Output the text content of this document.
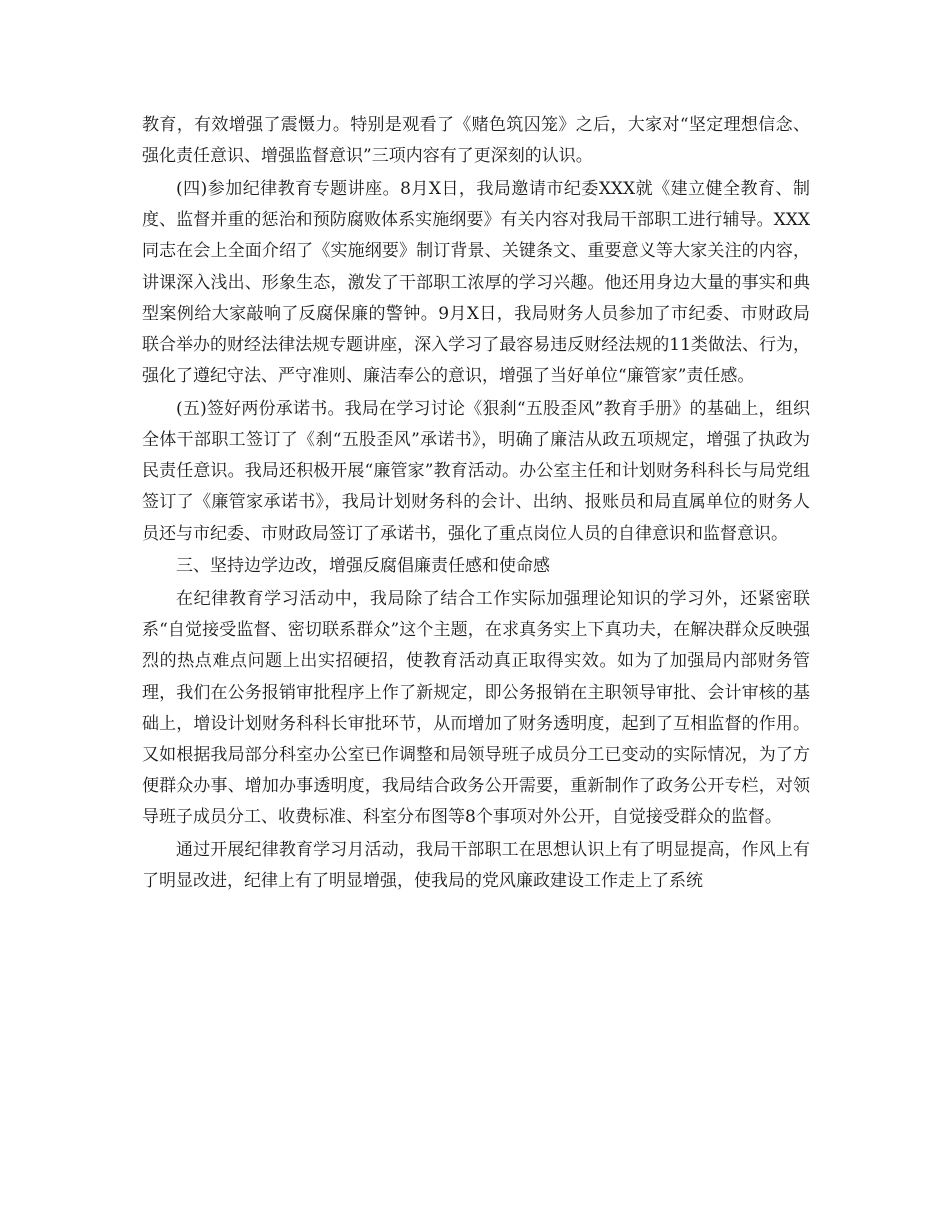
教育，有效增强了震慑力。特别是观看了《赌色筑囚笼》之后，大家对“坚定理想信念、强化责任意识、增强监督意识”三项内容有了更深刻的认识。

(四)参加纪律教育专题讲座。8月X日，我局邀请市纪委XXX就《建立健全教育、制度、监督并重的惩治和预防腐败体系实施纲要》有关内容对我局干部职工进行辅导。XXX同志在会上全面介绍了《实施纲要》制订背景、关键条文、重要意义等大家关注的内容，讲课深入浅出、形象生态，激发了干部职工浓厚的学习兴趣。他还用身边大量的事实和典型案例给大家敲响了反腐保廉的警钟。9月X日，我局财务人员参加了市纪委、市财政局联合举办的财经法律法规专题讲座，深入学习了最容易违反财经法规的11类做法、行为，强化了遵纪守法、严守准则、廉洁奉公的意识，增强了当好单位“廉管家”责任感。

(五)签好两份承诺书。我局在学习讨论《狠刹“五股歪风”教育手册》的基础上，组织全体干部职工签订了《刹“五股歪风”承诺书》，明确了廉洁从政五项规定，增强了执政为民责任意识。我局还积极开展“廉管家”教育活动。办公室主任和计划财务科科长与局党组签订了《廉管家承诺书》，我局计划财务科的会计、出纳、报账员和局直属单位的财务人员还与市纪委、市财政局签订了承诺书，强化了重点岗位人员的自律意识和监督意识。

三、坚持边学边改，增强反腐倡廉责任感和使命感

在纪律教育学习活动中，我局除了结合工作实际加强理论知识的学习外，还紧密联系“自觉接受监督、密切联系群众”这个主题，在求真务实上下真功夫，在解决群众反映强烈的热点难点问题上出实招硬招，使教育活动真正取得实效。如为了加强局内部财务管理，我们在公务报销审批程序上作了新规定，即公务报销在主职领导审批、会计审核的基础上，增设计划财务科科长审批环节，从而增加了财务透明度，起到了互相监督的作用。又如根据我局部分科室办公室已作调整和局领导班子成员分工已变动的实际情况，为了方便群众办事、增加办事透明度，我局结合政务公开需要，重新制作了政务公开专栏，对领导班子成员分工、收费标准、科室分布图等8个事项对外公开，自觉接受群众的监督。

通过开展纪律教育学习月活动，我局干部职工在思想认识上有了明显提高，作风上有了明显改进，纪律上有了明显增强，使我局的党风廉政建设工作走上了系统
